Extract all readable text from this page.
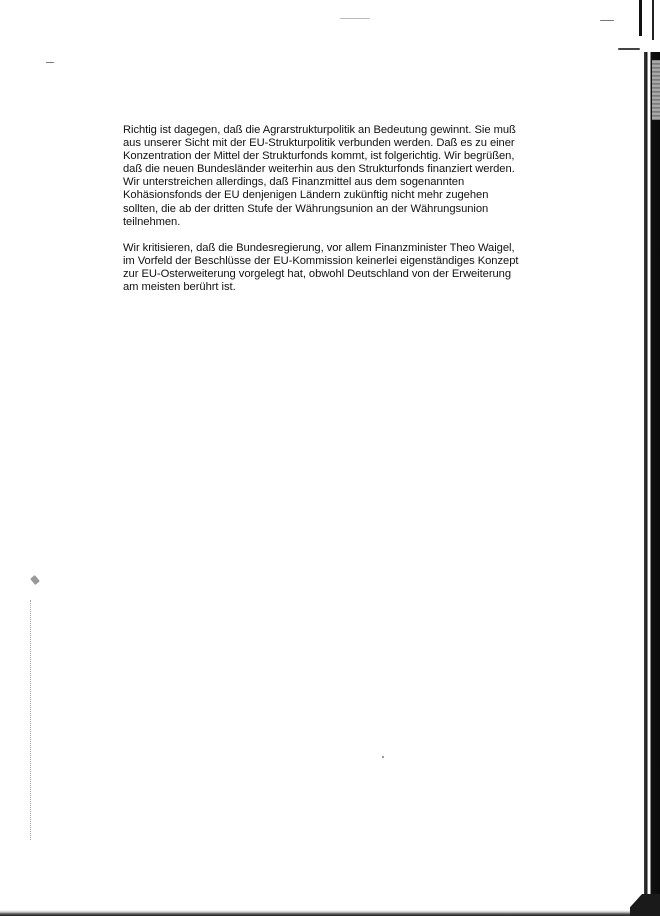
Richtig ist dagegen, daß die Agrarstrukturpolitik an Bedeutung gewinnt. Sie muß
aus unserer Sicht mit der EU-Strukturpolitik verbunden werden. Daß es zu einer
Konzentration der Mittel der Strukturfonds kommt, ist folgerichtig. Wir begrüßen,
daß die neuen Bundesländer weiterhin aus den Strukturfonds finanziert werden.
Wir unterstreichen allerdings, daß Finanzmittel aus dem sogenannten
Kohäsionsfonds der EU denjenigen Ländern zukünftig nicht mehr zugehen
sollten, die ab der dritten Stufe der Währungsunion an der Währungsunion
teilnehmen.

Wir kritisieren, daß die Bundesregierung, vor allem Finanzminister Theo Waigel,
im Vorfeld der Beschlüsse der EU-Kommission keinerlei eigenständiges Konzept
zur EU-Osterweiterung vorgelegt hat, obwohl Deutschland von der Erweiterung
am meisten berührt ist.
